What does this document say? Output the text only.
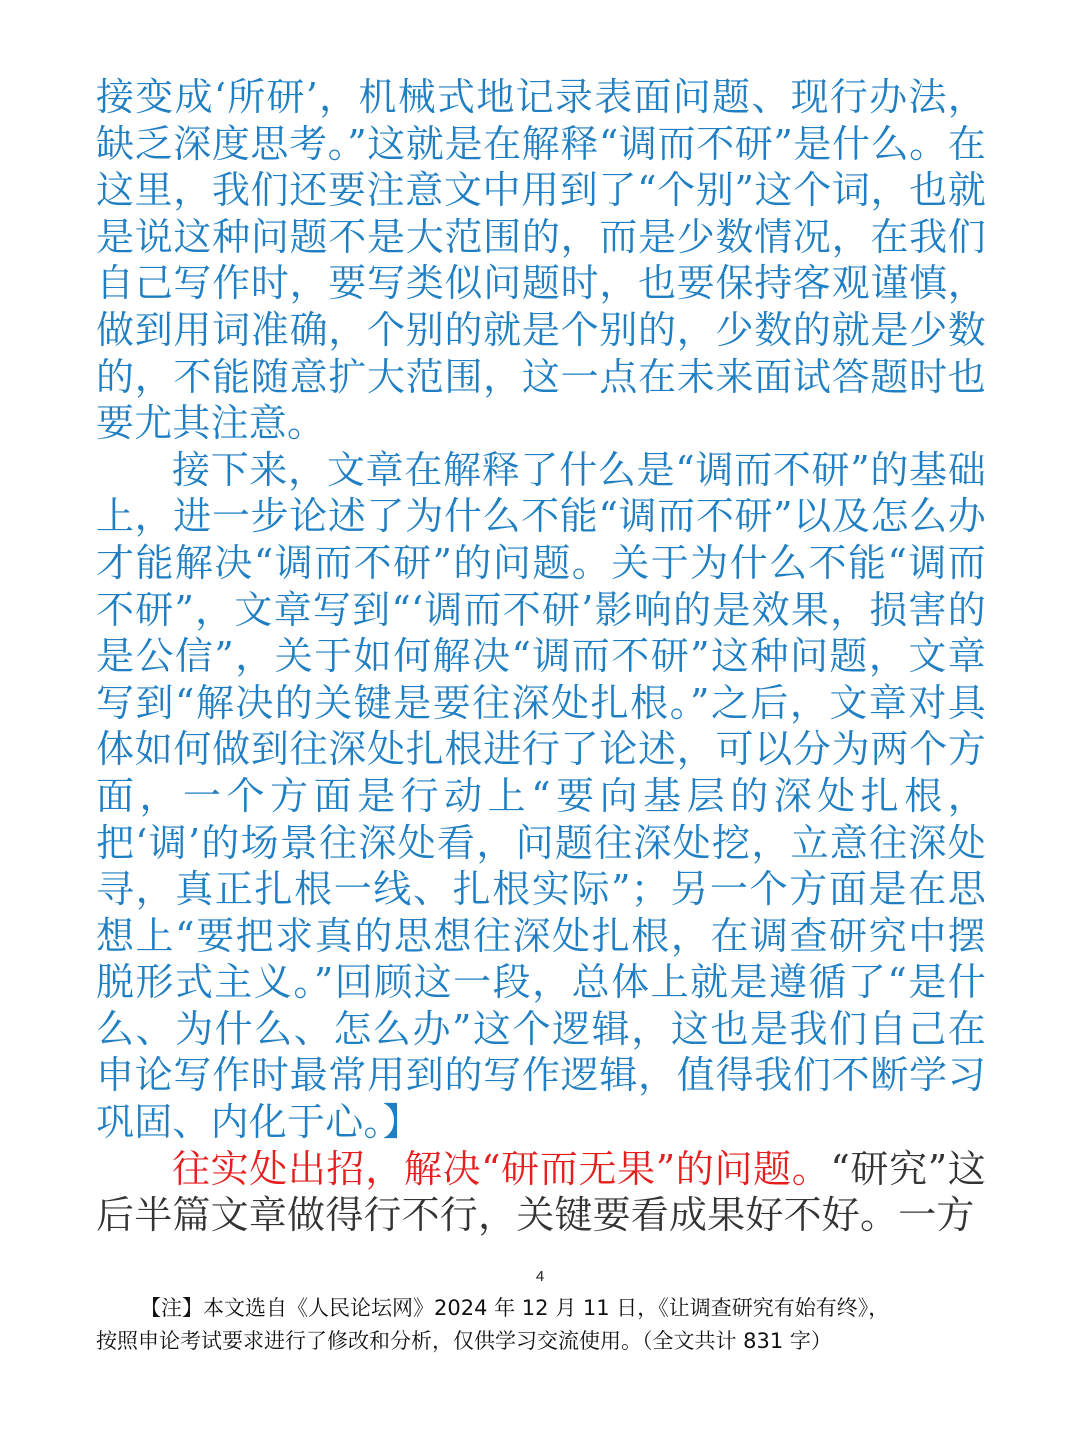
接变成‘所研’，机械式地记录表面问题、现行办法，缺乏深度思考。”这就是在解释“调而不研”是什么。在这里，我们还要注意文中用到了“个别”这个词，也就是说这种问题不是大范围的，而是少数情况，在我们自己写作时，要写类似问题时，也要保持客观谨慎，做到用词准确，个别的就是个别的，少数的就是少数的，不能随意扩大范围，这一点在未来面试答题时也要尤其注意。

接下来，文章在解释了什么是“调而不研”的基础上，进一步论述了为什么不能“调而不研”以及怎么办才能解决“调而不研”的问题。关于为什么不能“调而不研”，文章写到“‘调而不研’影响的是效果，损害的是公信”，关于如何解决“调而不研”这种问题，文章写到“解决的关键是要往深处扎根。”之后，文章对具体如何做到往深处扎根进行了论述，可以分为两个方面，一个方面是行动上“要向基层的深处扎根，把‘调’的场景往深处看，问题往深处挖，立意往深处寻，真正扎根一线、扎根实际”；另一个方面是在思想上“要把求真的思想往深处扎根，在调查研究中摆脱形式主义。”回顾这一段，总体上就是遵循了“是什么、为什么、怎么办”这个逻辑，这也是我们自己在申论写作时最常用到的写作逻辑，值得我们不断学习巩固、内化于心。】

往实处出招，解决“研而无果”的问题。“研究”这后半篇文章做得行不行，关键要看成果好不好。一方

4

【注】本文选自《人民论坛网》2024 年 12 月 11 日，《让调查研究有始有终》，

按照申论考试要求进行了修改和分析，仅供学习交流使用。（全文共计 831 字）
